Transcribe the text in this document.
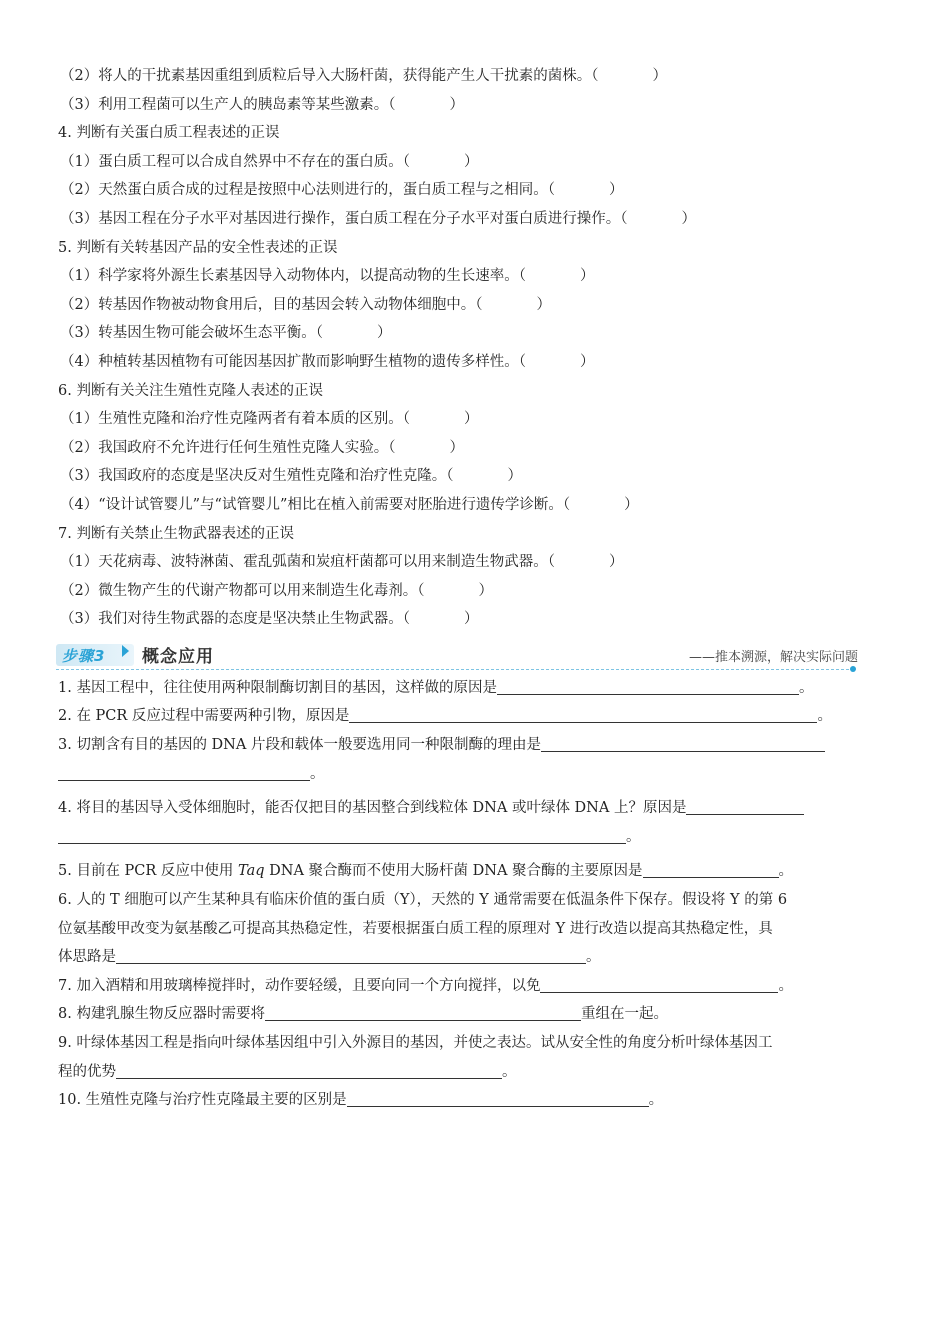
（2）将人的干扰素基因重组到质粒后导入大肠杆菌，获得能产生人干扰素的菌株。（	）
（3）利用工程菌可以生产人的胰岛素等某些激素。（	）
4. 判断有关蛋白质工程表述的正误
（1）蛋白质工程可以合成自然界中不存在的蛋白质。（	）
（2）天然蛋白质合成的过程是按照中心法则进行的，蛋白质工程与之相同。（	）
（3）基因工程在分子水平对基因进行操作，蛋白质工程在分子水平对蛋白质进行操作。（	）
5. 判断有关转基因产品的安全性表述的正误
（1）科学家将外源生长素基因导入动物体内，以提高动物的生长速率。（	）
（2）转基因作物被动物食用后，目的基因会转入动物体细胞中。（	）
（3）转基因生物可能会破坏生态平衡。（	）
（4）种植转基因植物有可能因基因扩散而影响野生植物的遗传多样性。（	）
6. 判断有关关注生殖性克隆人表述的正误
（1）生殖性克隆和治疗性克隆两者有着本质的区别。（	）
（2）我国政府不允许进行任何生殖性克隆人实验。（	）
（3）我国政府的态度是坚决反对生殖性克隆和治疗性克隆。（	）
（4）“设计试管婴儿”与“试管婴儿”相比在植入前需要对胚胎进行遗传学诊断。（	）
7. 判断有关禁止生物武器表述的正误
（1）天花病毒、波特淋菌、霍乱弧菌和炭疽杆菌都可以用来制造生物武器。（	）
（2）微生物产生的代谢产物都可以用来制造生化毒剂。（	）
（3）我们对待生物武器的态度是坚决禁止生物武器。（	）
步骤3 概念应用	——推本溯源，解决实际问题
1. 基因工程中，往往使用两种限制酶切割目的基因，这样做的原因是	。
2. 在 PCR 反应过程中需要两种引物，原因是	。
3. 切割含有目的基因的 DNA 片段和载体一般要选用同一种限制酶的理由是
。
4. 将目的基因导入受体细胞时，能否仅把目的基因整合到线粒体 DNA 或叶绿体 DNA 上？原因是
。
5. 目前在 PCR 反应中使用 Taq DNA 聚合酶而不使用大肠杆菌 DNA 聚合酶的主要原因是	。
6. 人的 T 细胞可以产生某种具有临床价值的蛋白质（Y），天然的 Y 通常需要在低温条件下保存。假设将 Y 的第 6
位氨基酸甲改变为氨基酸乙可提高其热稳定性，若要根据蛋白质工程的原理对 Y 进行改造以提高其热稳定性，具
体思路是	。
7. 加入酒精和用玻璃棒搅拌时，动作要轻缓，且要向同一个方向搅拌，以免	。
8. 构建乳腺生物反应器时需要将	重组在一起。
9. 叶绿体基因工程是指向叶绿体基因组中引入外源目的基因，并使之表达。试从安全性的角度分析叶绿体基因工
程的优势	。
10. 生殖性克隆与治疗性克隆最主要的区别是	。
